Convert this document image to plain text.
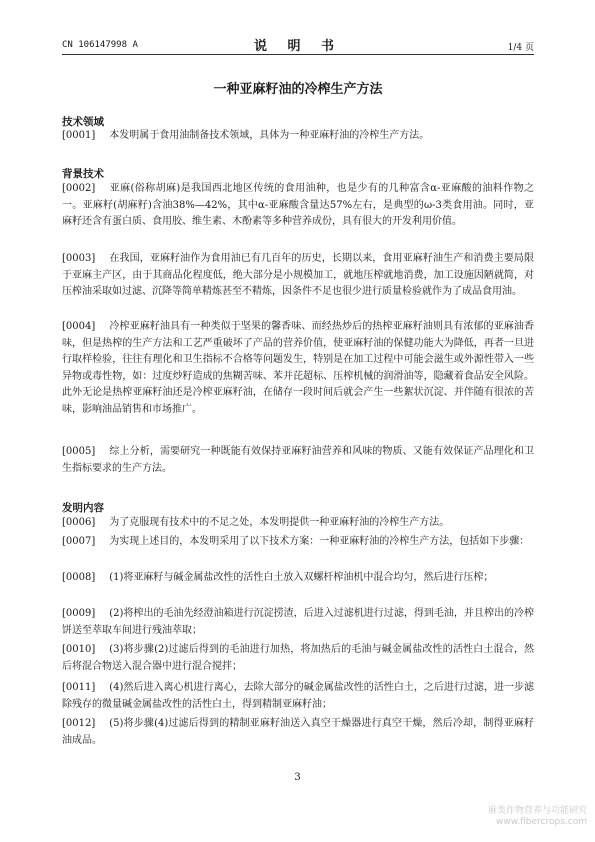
CN 106147998 A	说 明 书	1/4 页
一种亚麻籽油的冷榨生产方法
技术领域
[0001] 本发明属于食用油制备技术领域，具体为一种亚麻籽油的冷榨生产方法。
背景技术
[0002] 亚麻(俗称胡麻)是我国西北地区传统的食用油种，也是少有的几种富含α-亚麻酸的油料作物之一。亚麻籽(胡麻籽)含油38%—42%，其中α-亚麻酸含量达57%左右，是典型的ω-3类食用油。同时，亚麻籽还含有蛋白质、食用胶、维生素、木酚素等多种营养成份，具有很大的开发利用价值。
[0003] 在我国，亚麻籽油作为食用油已有几百年的历史，长期以来，食用亚麻籽油生产和消费主要局限于亚麻主产区，由于其商品化程度低，绝大部分是小规模加工，就地压榨就地消费，加工设施因陋就简，对压榨油采取如过滤、沉降等简单精炼甚至不精炼，因条件不足也很少进行质量检验就作为了成品食用油。
[0004] 冷榨亚麻籽油具有一种类似于坚果的馨香味、而经热炒后的热榨亚麻籽油则具有浓郁的亚麻油香味，但是热榨的生产方法和工艺严重破坏了产品的营养价值，使亚麻籽油的保健功能大为降低，再者一旦进行取样检验，往往有理化和卫生指标不合格等问题发生，特别是在加工过程中可能会滋生或外源性带入一些异物或毒性物，如：过度炒籽造成的焦糊苦味、苯并芘超标、压榨机械的润滑油等，隐藏着食品安全风险。此外无论是热榨亚麻籽油还是冷榨亚麻籽油，在储存一段时间后就会产生一些絮状沉淀、并伴随有很浓的苦味，影响油品销售和市场推广。
[0005] 综上分析，需要研究一种既能有效保持亚麻籽油营养和风味的物质、又能有效保证产品理化和卫生指标要求的生产方法。
发明内容
[0006] 为了克服现有技术中的不足之处，本发明提供一种亚麻籽油的冷榨生产方法。
[0007] 为实现上述目的，本发明采用了以下技术方案：一种亚麻籽油的冷榨生产方法，包括如下步骤：
[0008] (1)将亚麻籽与碱金属盐改性的活性白土放入双螺杆榨油机中混合均匀，然后进行压榨；
[0009] (2)将榨出的毛油先经澄油箱进行沉淀捞渣，后进入过滤机进行过滤，得到毛油，并且榨出的冷榨饼送至萃取车间进行残油萃取；
[0010] (3)将步骤(2)过滤后得到的毛油进行加热，将加热后的毛油与碱金属盐改性的活性白土混合，然后将混合物送入混合器中进行混合搅拌；
[0011] (4)然后进入离心机进行离心，去除大部分的碱金属盐改性的活性白土，之后进行过滤，进一步滤除残存的微量碱金属盐改性的活性白土，得到精制亚麻籽油；
[0012] (5)将步骤(4)过滤后得到的精制亚麻籽油送入真空干燥器进行真空干燥，然后冷却，制得亚麻籽油成品。
3
麻类作物营养与功能研究
www.fibercrops.com
